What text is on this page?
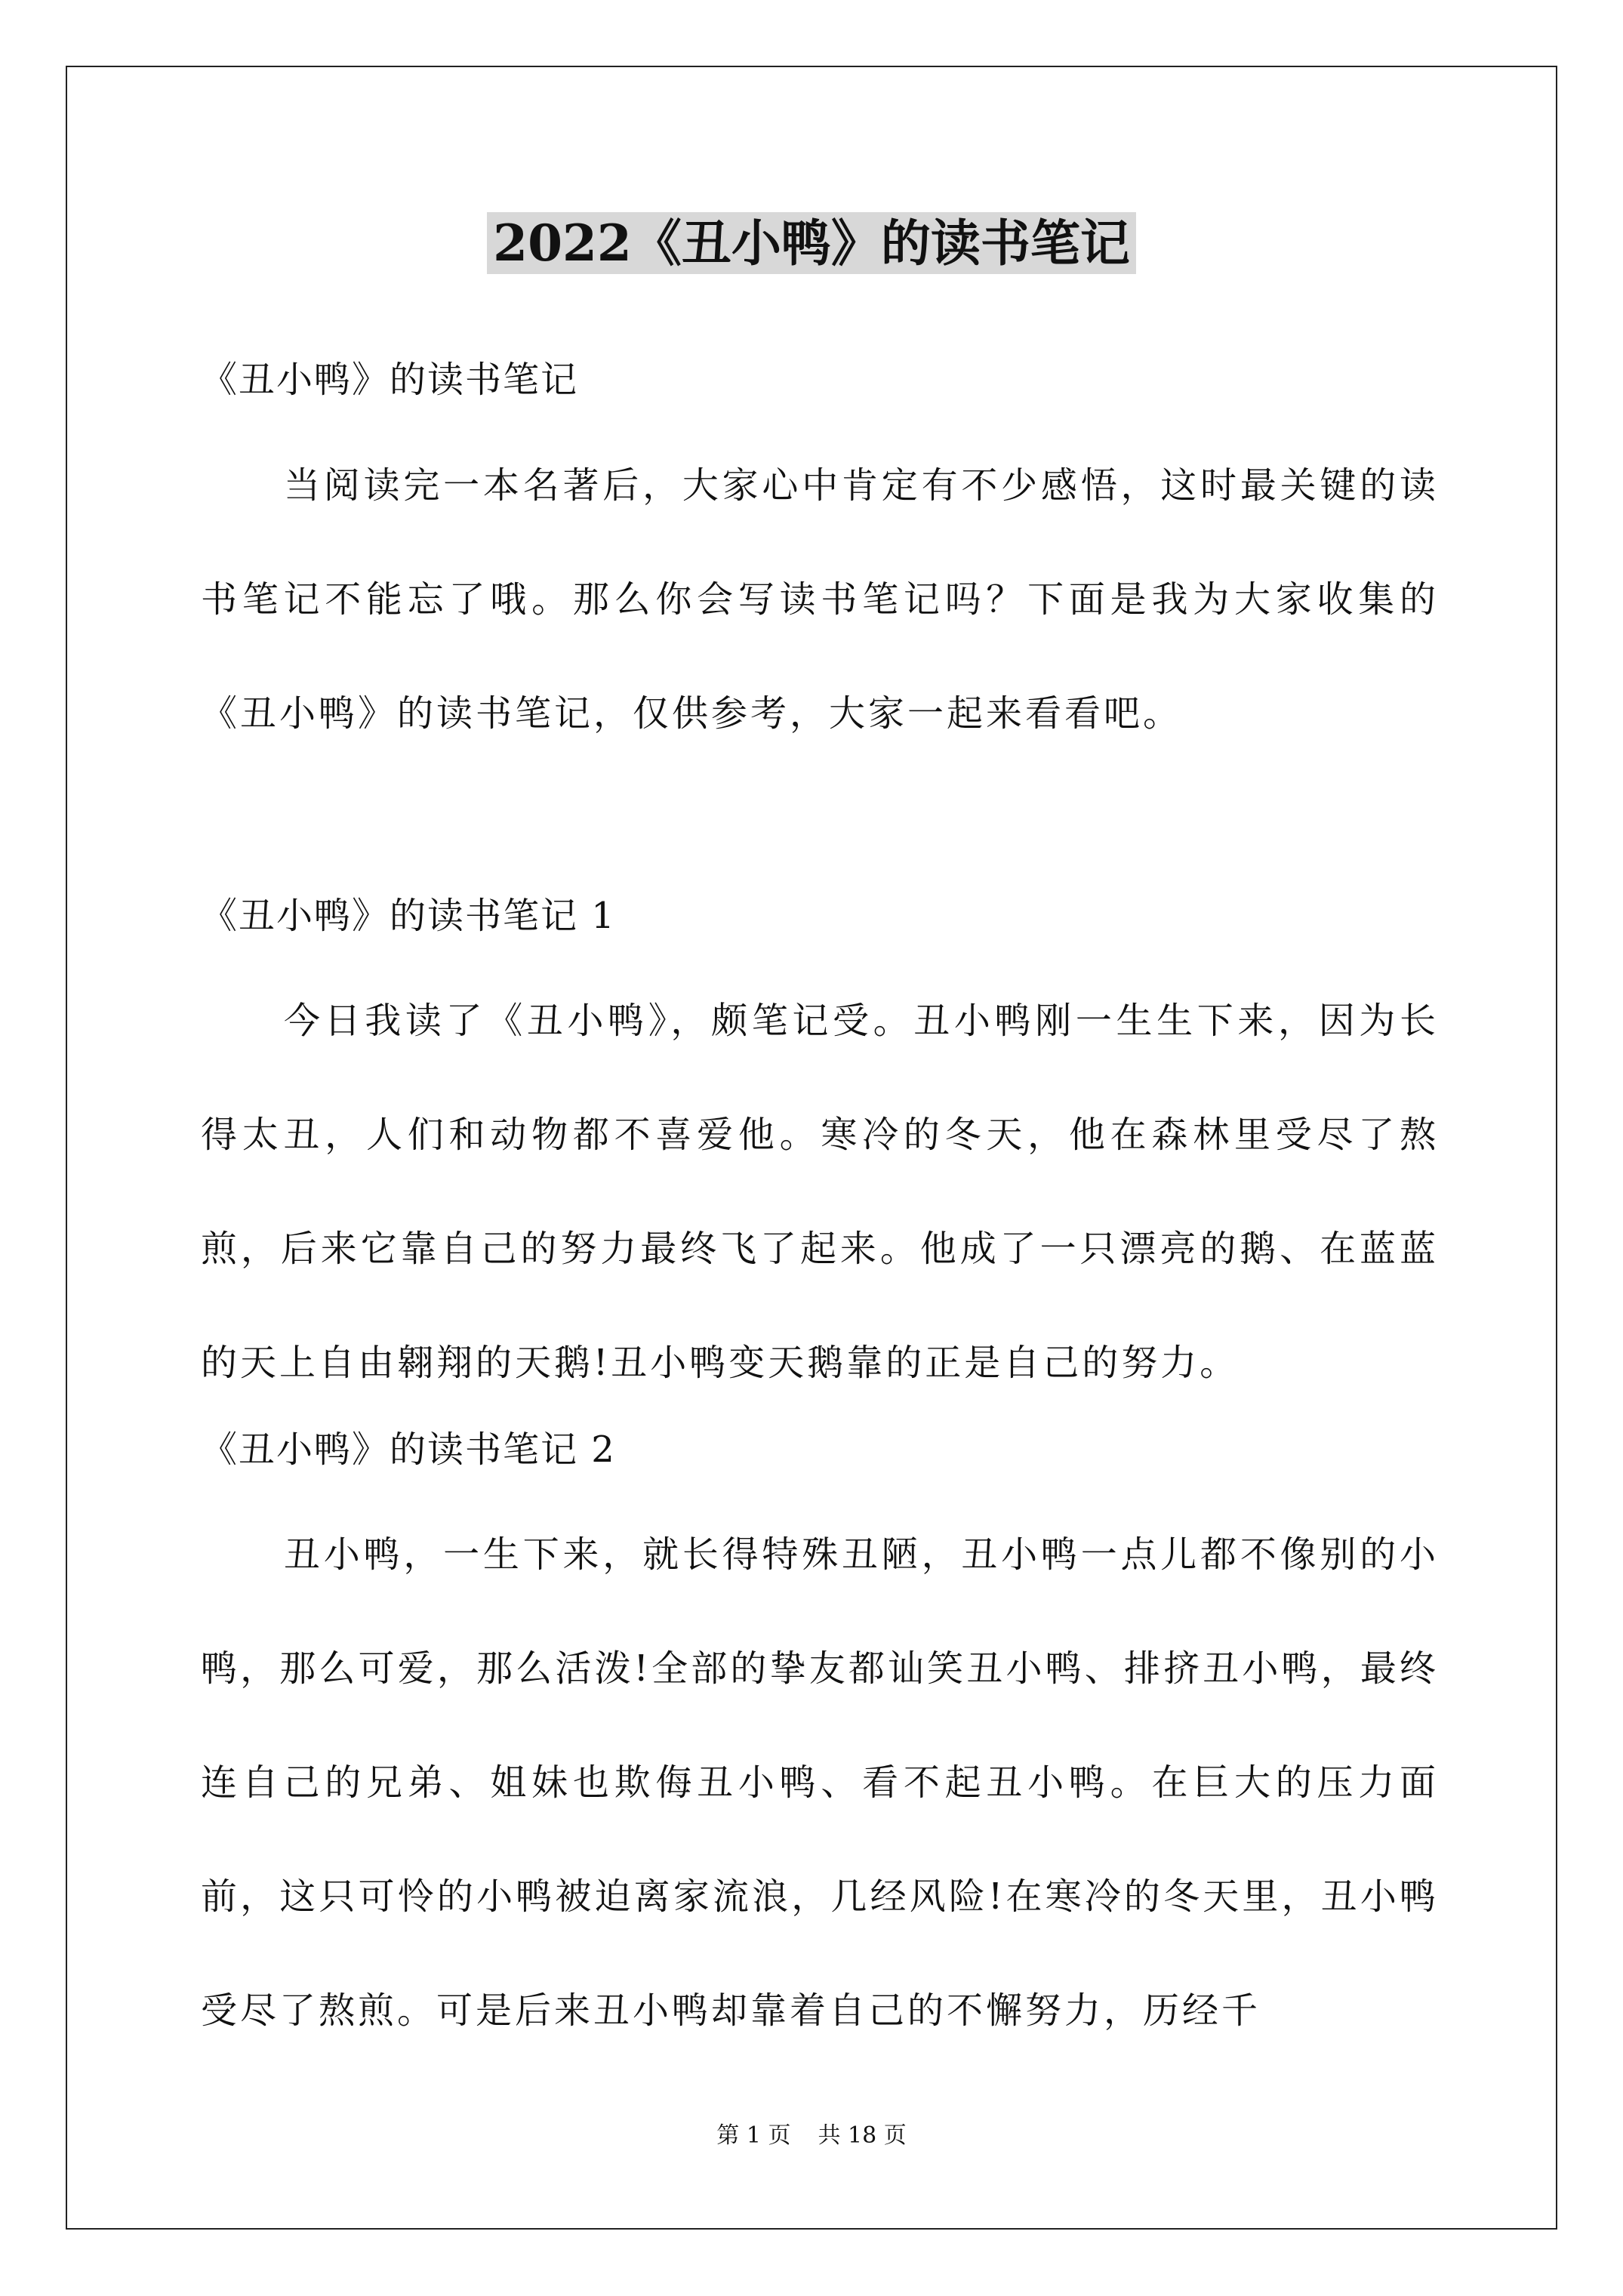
2022《丑小鸭》的读书笔记
《丑小鸭》的读书笔记
当阅读完一本名著后，大家心中肯定有不少感悟，这时最关键的读书笔记不能忘了哦。那么你会写读书笔记吗？下面是我为大家收集的《丑小鸭》的读书笔记，仅供参考，大家一起来看看吧。
《丑小鸭》的读书笔记 1
今日我读了《丑小鸭》，颇笔记受。丑小鸭刚一生生下来，因为长得太丑，人们和动物都不喜爱他。寒冷的冬天，他在森林里受尽了熬煎，后来它靠自己的努力最终飞了起来。他成了一只漂亮的鹅、在蓝蓝的天上自由翱翔的天鹅!丑小鸭变天鹅靠的正是自己的努力。
《丑小鸭》的读书笔记 2
丑小鸭，一生下来，就长得特殊丑陋，丑小鸭一点儿都不像别的小鸭，那么可爱，那么活泼!全部的挚友都讪笑丑小鸭、排挤丑小鸭，最终连自己的兄弟、姐妹也欺侮丑小鸭、看不起丑小鸭。在巨大的压力面前，这只可怜的小鸭被迫离家流浪，几经风险!在寒冷的冬天里，丑小鸭受尽了熬煎。可是后来丑小鸭却靠着自己的不懈努力，历经千
第 1 页 共 18 页
